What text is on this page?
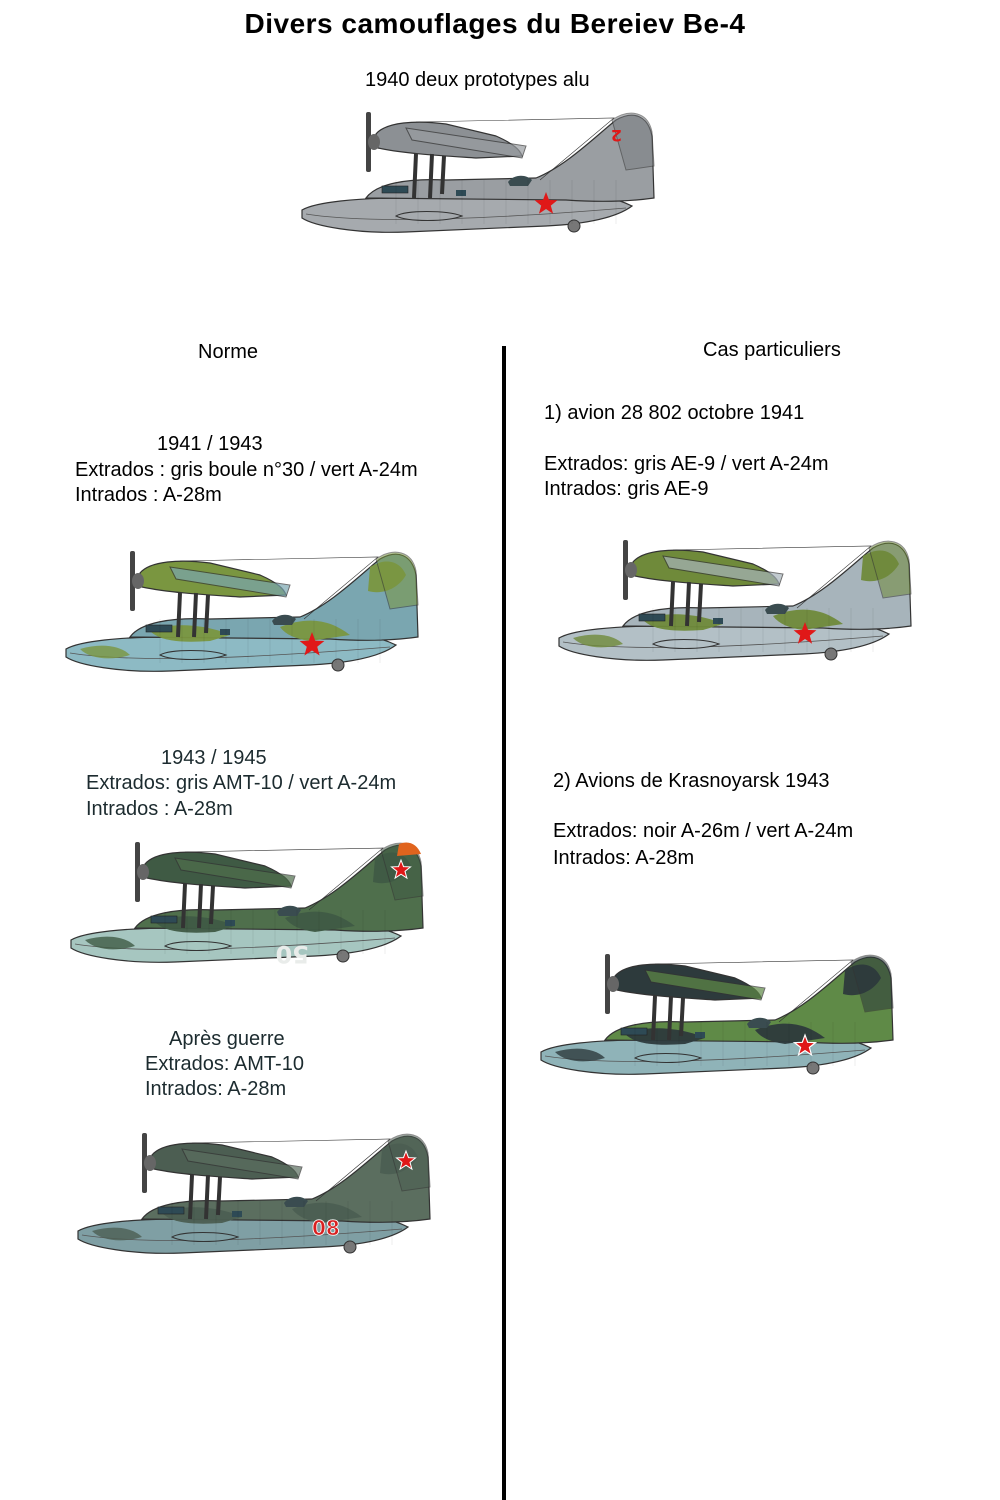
Divers camouflages du Bereiev Be-4
1940 deux prototypes alu
2
Norme	Cas particuliers
1941 / 1943
Extrados : gris boule n°30 / vert A-24m
Intrados : A-28m
1943 / 1945
Extrados: gris AMT-10 / vert A-24m
Intrados : A-28m
50
Après guerre
Extrados: AMT-10
Intrados: A-28m
08
1) avion 28 802 octobre 1941
Extrados: gris AE-9 / vert A-24m
Intrados: gris AE-9
2) Avions de Krasnoyarsk 1943
Extrados: noir A-26m / vert A-24m
Intrados: A-28m
